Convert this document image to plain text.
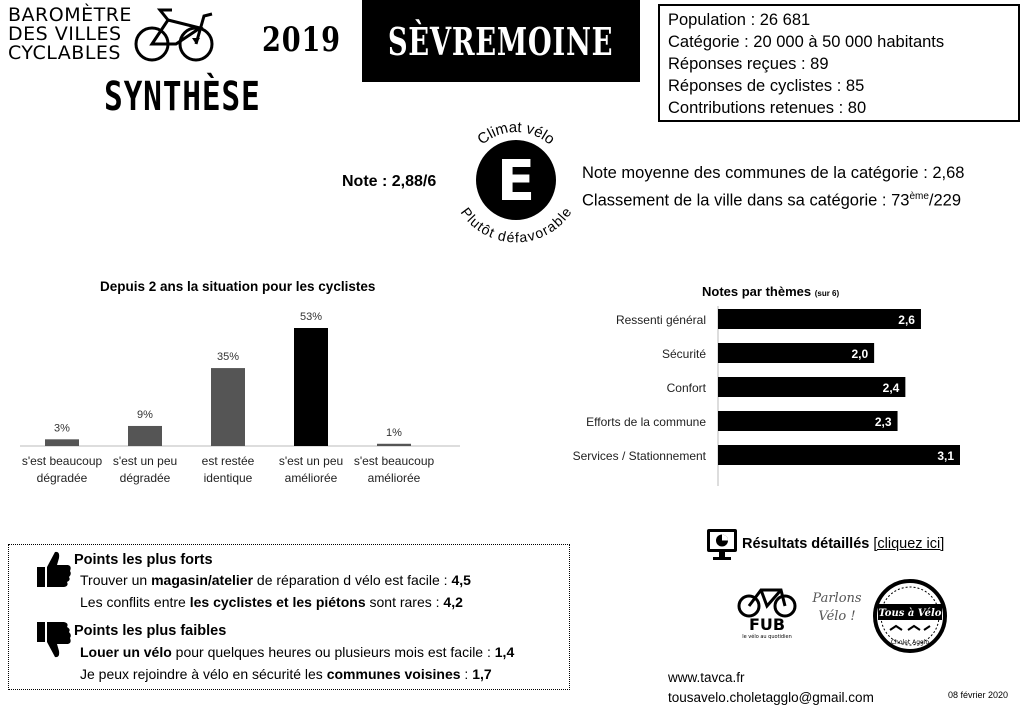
BAROMÈTRE
DES VILLES
CYCLABLES
SYNTHÈSE
2019 SÈVREMOINE	Population : 26 681
Catégorie : 20 000 à 50 000 habitants
Réponses reçues : 89
Réponses de cyclistes : 85
Contributions retenues : 80
E
Climat vélo
Plutôt défavorable
Note : 2,88/6	Note moyenne des communes de la catégorie : 2,68
Classement de la ville dans sa catégorie : 73ème/229
Depuis 2 ans la situation pour les cyclistes
3%
s'est beaucoup
dégradée
9%
s'est un peu
dégradée
35%
est restée
identique
53%
s'est un peu
améliorée
1%
s'est beaucoup
améliorée
Notes par thèmes (sur 6)
Ressenti général	2,6
Sécurité	2,0
Confort	2,4
Efforts de la commune	2,3
Services / Stationnement	3,1
Points les plus forts
Trouver un magasin/atelier de réparation d vélo est facile : 4,5
Les conflits entre les cyclistes et les piétons sont rares : 4,2
Points les plus faibles
Louer un vélo pour quelques heures ou plusieurs mois est facile : 1,4
Je peux rejoindre à vélo en sécurité les communes voisines : 1,7
Résultats détaillés [cliquez ici]
FUB
le vélo au quotidien
Parlons
Vélo !	Tous à Vélo
Cholet Agglo
www.tavca.fr
tousavelo.choletagglo@gmail.com	08 février 2020
